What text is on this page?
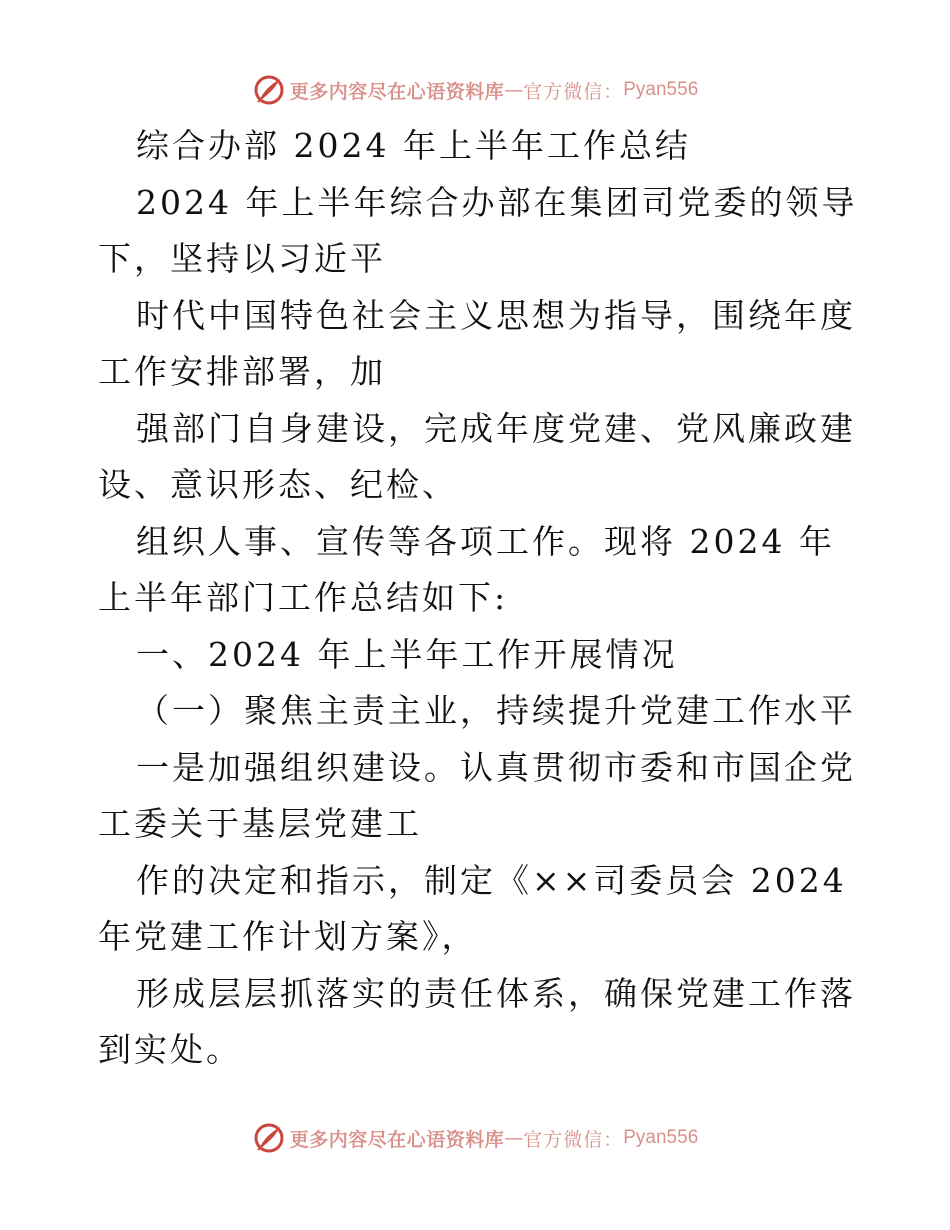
更多内容尽在心语资料库 — 官方微信： Pyan556

综合办部 2024 年上半年工作总结

2024 年上半年综合办部在集团司党委的领导下，坚持以习近平

时代中国特色社会主义思想为指导，围绕年度工作安排部署，加

强部门自身建设，完成年度党建、党风廉政建设、意识形态、纪检、

组织人事、宣传等各项工作。现将 2024 年上半年部门工作总结如下:

一、2024 年上半年工作开展情况

（一）聚焦主责主业，持续提升党建工作水平

一是加强组织建设。认真贯彻市委和市国企党工委关于基层党建工

作的决定和指示，制定《××司委员会 2024 年党建工作计划方案》，

形成层层抓落实的责任体系，确保党建工作落到实处。

更多内容尽在心语资料库 — 官方微信： Pyan556
